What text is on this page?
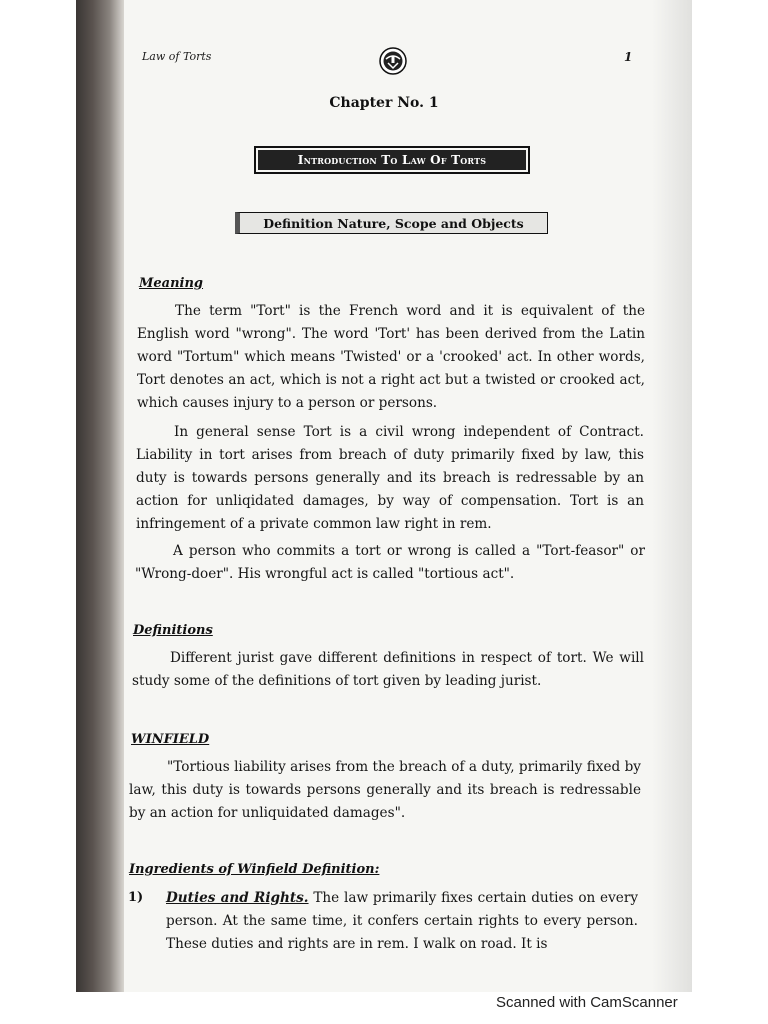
Law of Torts	1
Chapter No. 1
Introduction To Law Of Torts
Definition Nature, Scope and Objects
Meaning
The term "Tort" is the French word and it is equivalent of the English word "wrong". The word 'Tort' has been derived from the Latin word "Tortum" which means 'Twisted' or a 'crooked' act. In other words, Tort denotes an act, which is not a right act but a twisted or crooked act, which causes injury to a person or persons.
In general sense Tort is a civil wrong independent of Contract. Liability in tort arises from breach of duty primarily fixed by law, this duty is towards persons generally and its breach is redressable by an action for unliqidated damages, by way of compensation. Tort is an infringement of a private common law right in rem.
A person who commits a tort or wrong is called a "Tort-feasor" or "Wrong-doer". His wrongful act is called "tortious act".
Definitions
Different jurist gave different definitions in respect of tort. We will study some of the definitions of tort given by leading jurist.
WINFIELD
"Tortious liability arises from the breach of a duty, primarily fixed by law, this duty is towards persons generally and its breach is redressable by an action for unliquidated damages".
Ingredients of Winfield Definition:
1) Duties and Rights. The law primarily fixes certain duties on every person. At the same time, it confers certain rights to every person. These duties and rights are in rem. I walk on road. It is
Scanned with CamScanner
